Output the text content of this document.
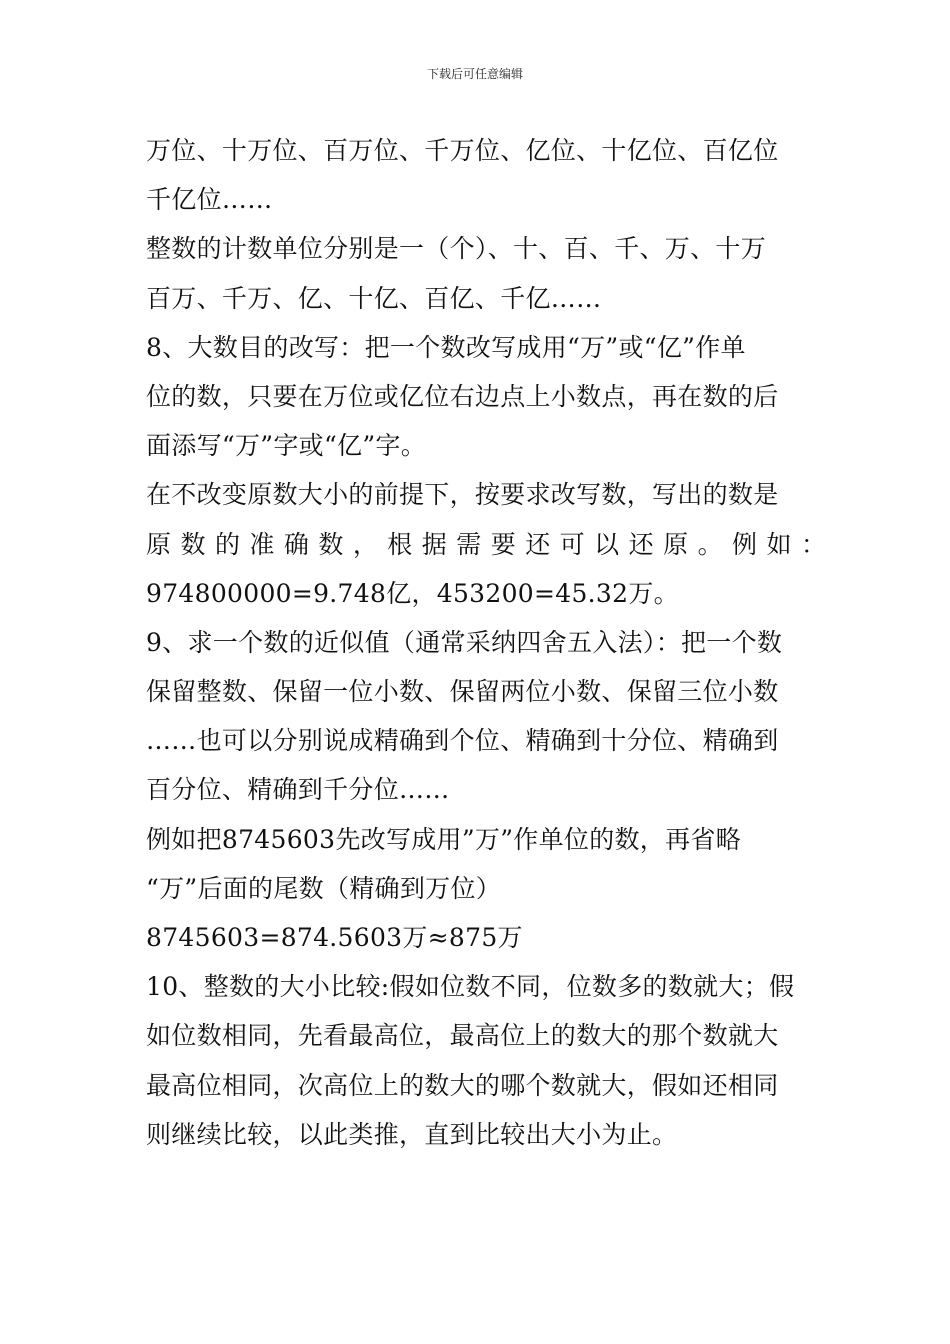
下载后可任意编辑
万位、十万位、百万位、千万位、亿位、十亿位、百亿位
千亿位……
整数的计数单位分别是一（个）、十、百、千、万、十万
百万、千万、亿、十亿、百亿、千亿……
8、大数目的改写：把一个数改写成用“万”或“亿”作单
位的数，只要在万位或亿位右边点上小数点，再在数的后
面添写“万”字或“亿”字。
在不改变原数大小的前提下，按要求改写数，写出的数是
原数的准确数，根据需要还可以还原。例如：
974800000=9.748亿，453200=45.32万。
9、求一个数的近似值（通常采纳四舍五入法）：把一个数
保留整数、保留一位小数、保留两位小数、保留三位小数
……也可以分别说成精确到个位、精确到十分位、精确到
百分位、精确到千分位……
例如把8745603先改写成用”万”作单位的数，再省略
“万”后面的尾数（精确到万位）
8745603=874.5603万≈875万
10、整数的大小比较:假如位数不同，位数多的数就大；假
如位数相同，先看最高位，最高位上的数大的那个数就大
最高位相同，次高位上的数大的哪个数就大，假如还相同
则继续比较，以此类推，直到比较出大小为止。
